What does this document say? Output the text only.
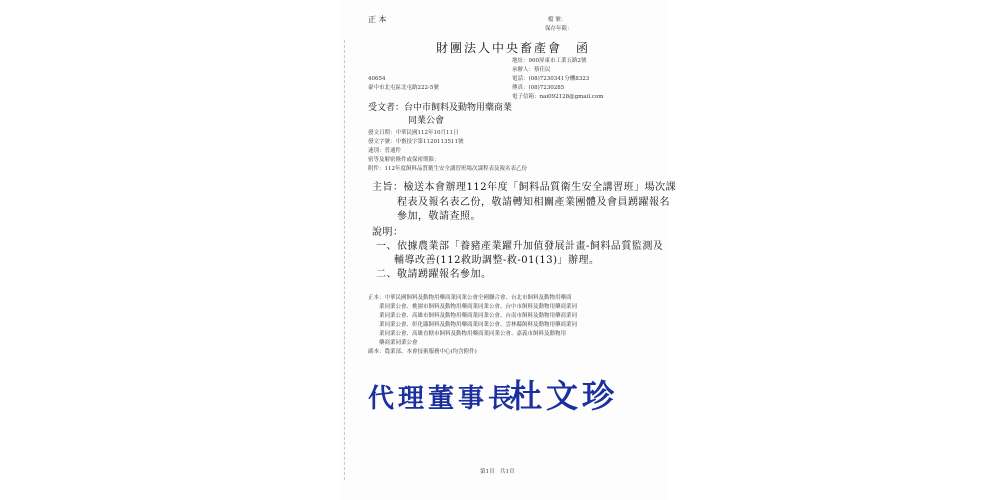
正 本	檔 號：
保存年限：
財團法人中央畜產會　函
地址：900屏東市工業五路2號
承辦人：蔡佳民
電話：(08)7230341分機8323
傳真：(08)7230285
電子信箱：nai092128@gmail.com
40654
臺中市北屯區北屯路222-5號
受文者：台中市飼料及動物用藥商業
同業公會
發文日期：中華民國112年10月11日
發文字號：中畜技字第1120113511號
速別：普通件
密等及解密條件或保密期限：
附件：112年度飼料品質衛生安全講習班場次課程表及報名表乙份
主旨：檢送本會辦理112年度「飼料品質衛生安全講習班」場次課
程表及報名表乙份，敬請轉知相關產業團體及會員踴躍報名
參加，敬請查照。
說明：
一、依據農業部「養豬產業躍升加值發展計畫-飼料品質監測及
輔導改善(112救助調整-救-01(13)」辦理。
二、敬請踴躍報名參加。
正本：中華民國飼料及動物用藥商業同業公會全國聯合會、台北市飼料及動物用藥商
業同業公會、桃園市飼料及動物用藥商業同業公會、台中市飼料及動物用藥商業同
業同業公會、高雄市飼料及動物用藥商業同業公會、台南市飼料及動物用藥商業同
業同業公會、彰化縣飼料及動物用藥商業同業公會、雲林縣飼料及動物用藥商業同
業同業公會、高雄直轄市飼料及動物用藥商業同業公會、嘉義市飼料及動物用
藥商業同業公會
副本：農業部、本會技術服務中心(均含附件)
代理董事長
杜文珍
第1頁　共1頁
